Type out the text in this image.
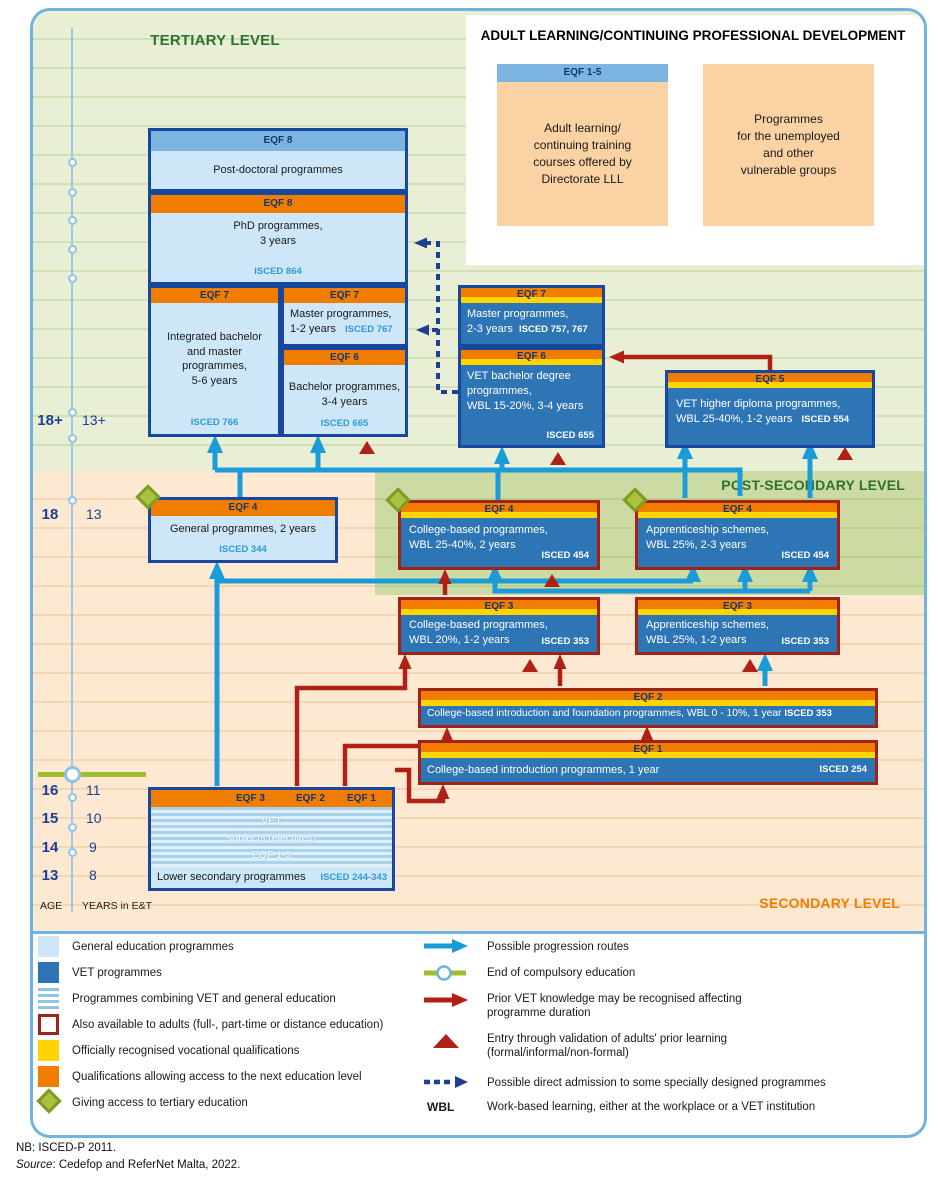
18+ 13+
18	13
16	11
15	10
14	9
13	8
AGE YEARS in E&T
TERTIARY LEVEL
POST-SECONDARY LEVEL
SECONDARY LEVEL
ADULT LEARNING/CONTINUING PROFESSIONAL DEVELOPMENT
EQF 1-5
Adult learning/
continuing training
courses offered by
Directorate LLL
Programmes
for the unemployed
and other
vulnerable groups
EQF 8
Post-doctoral programmes
EQF 8
PhD programmes,
3 years
ISCED 864
EQF 7
Integrated bachelor
and master
programmes,
5-6 years
ISCED 766
EQF 7
Master programmes,
1-2 years ISCED 767
EQF 6
Bachelor programmes,
3-4 years
ISCED 665
EQF 7
Master programmes,
2-3 years ISCED 757, 767
EQF 6
VET bachelor degree
programmes,
WBL 15-20%, 3-4 years
ISCED 655
EQF 5
VET higher diploma programmes,
WBL 25-40%, 1-2 years ISCED 554
EQF 4
General programmes, 2 years
ISCED 344
EQF 4
College-based programmes,
WBL 25-40%, 2 years
ISCED 454
EQF 4
Apprenticeship schemes,
WBL 25%, 2-3 years
ISCED 454
EQF 3
College-based programmes,
WBL 20%, 1-2 years	ISCED 353
EQF 3
Apprenticeship schemes,
WBL 25%, 1-2 years	ISCED 353
EQF 2
College-based introduction and foundation programmes, WBL 0 - 10%, 1 year ISCED 353
EQF 1
College-based introduction programmes, 1 year	ISCED 254
EQF 3	EQF 2 EQF 1
VET
subjects (electives)
EQF 1-3
Lower secondary programmes ISCED 244-343
General education programmes
VET programmes
Programmes combining VET and general education
Also available to adults (full-, part-time or distance education)
Officially recognised vocational qualifications
Qualifications allowing access to the next education level
Giving access to tertiary education	WBL
Possible progression routes
End of compulsory education
Prior VET knowledge may be recognised affecting
programme duration
Entry through validation of adults' prior learning
(formal/informal/non-formal)
Possible direct admission to some specially designed programmes
Work-based learning, either at the workplace or a VET institution
NB: ISCED-P 2011.
Source: Cedefop and ReferNet Malta, 2022.
